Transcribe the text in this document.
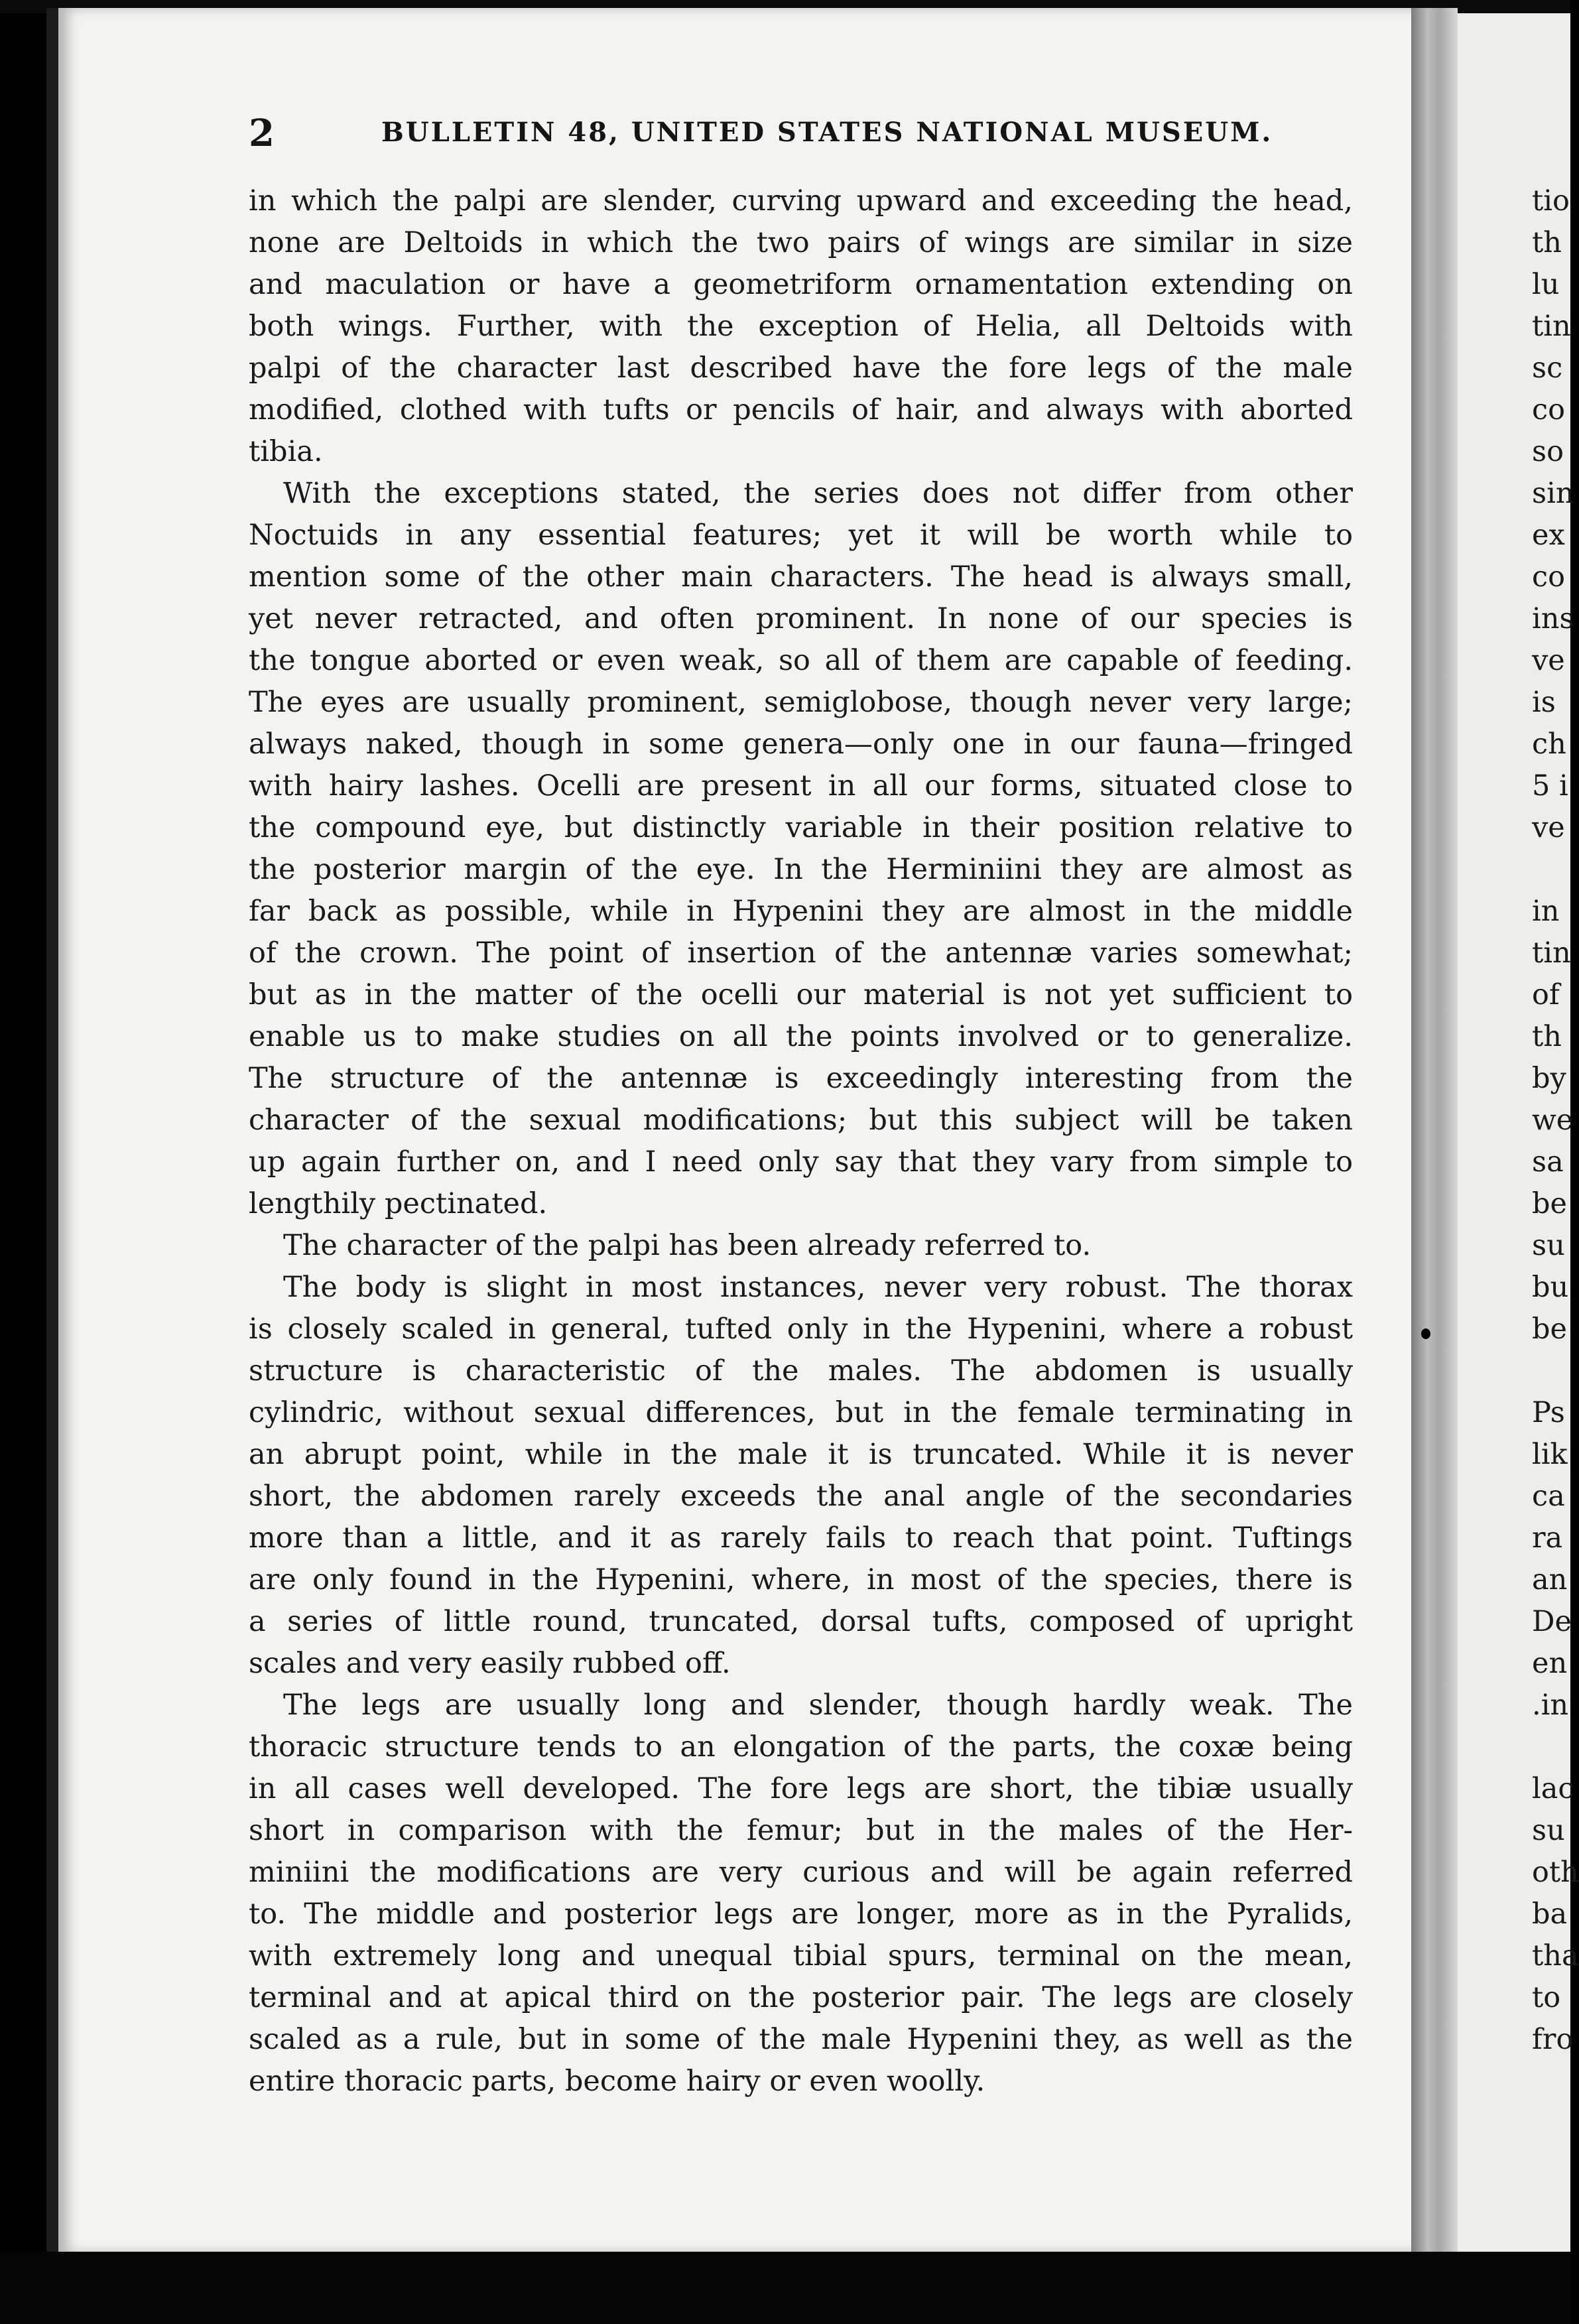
2	BULLETIN 48, UNITED STATES NATIONAL MUSEUM.
in which the palpi are slender, curving upward and exceeding the head,
none are Deltoids in which the two pairs of wings are similar in size
and maculation or have a geometriform ornamentation extending on
both wings. Further, with the exception of Helia, all Deltoids with
palpi of the character last described have the fore legs of the male
modified, clothed with tufts or pencils of hair, and always with aborted
tibia.
With the exceptions stated, the series does not differ from other
Noctuids in any essential features; yet it will be worth while to
mention some of the other main characters. The head is always small,
yet never retracted, and often prominent. In none of our species is
the tongue aborted or even weak, so all of them are capable of feeding.
The eyes are usually prominent, semiglobose, though never very large;
always naked, though in some genera—only one in our fauna—fringed
with hairy lashes. Ocelli are present in all our forms, situated close to
the compound eye, but distinctly variable in their position relative to
the posterior margin of the eye. In the Herminiini they are almost as
far back as possible, while in Hypenini they are almost in the middle
of the crown. The point of insertion of the antennæ varies somewhat;
but as in the matter of the ocelli our material is not yet sufficient to
enable us to make studies on all the points involved or to generalize.
The structure of the antennæ is exceedingly interesting from the
character of the sexual modifications; but this subject will be taken
up again further on, and I need only say that they vary from simple to
lengthily pectinated.
The character of the palpi has been already referred to.
The body is slight in most instances, never very robust. The thorax
is closely scaled in general, tufted only in the Hypenini, where a robust
structure is characteristic of the males. The abdomen is usually
cylindric, without sexual differences, but in the female terminating in
an abrupt point, while in the male it is truncated. While it is never
short, the abdomen rarely exceeds the anal angle of the secondaries
more than a little, and it as rarely fails to reach that point. Tuftings
are only found in the Hypenini, where, in most of the species, there is
a series of little round, truncated, dorsal tufts, composed of upright
scales and very easily rubbed off.
The legs are usually long and slender, though hardly weak. The
thoracic structure tends to an elongation of the parts, the coxæ being
in all cases well developed. The fore legs are short, the tibiæ usually
short in comparison with the femur; but in the males of the Her-
miniini the modifications are very curious and will be again referred
to. The middle and posterior legs are longer, more as in the Pyralids,
with extremely long and unequal tibial spurs, terminal on the mean,
terminal and at apical third on the posterior pair. The legs are closely
scaled as a rule, but in some of the male Hypenini they, as well as the
entire thoracic parts, become hairy or even woolly.
tio
th
lu
tin
sc
co
so
sin
ex
co
ins
ve
is
ch
5 i
ve
in
tin
of
th
by
we
sa
be
su
bu
be
Ps
lik
ca
ra
an
De
en
.in
lac
su
oth
ba
tha
to
fro
